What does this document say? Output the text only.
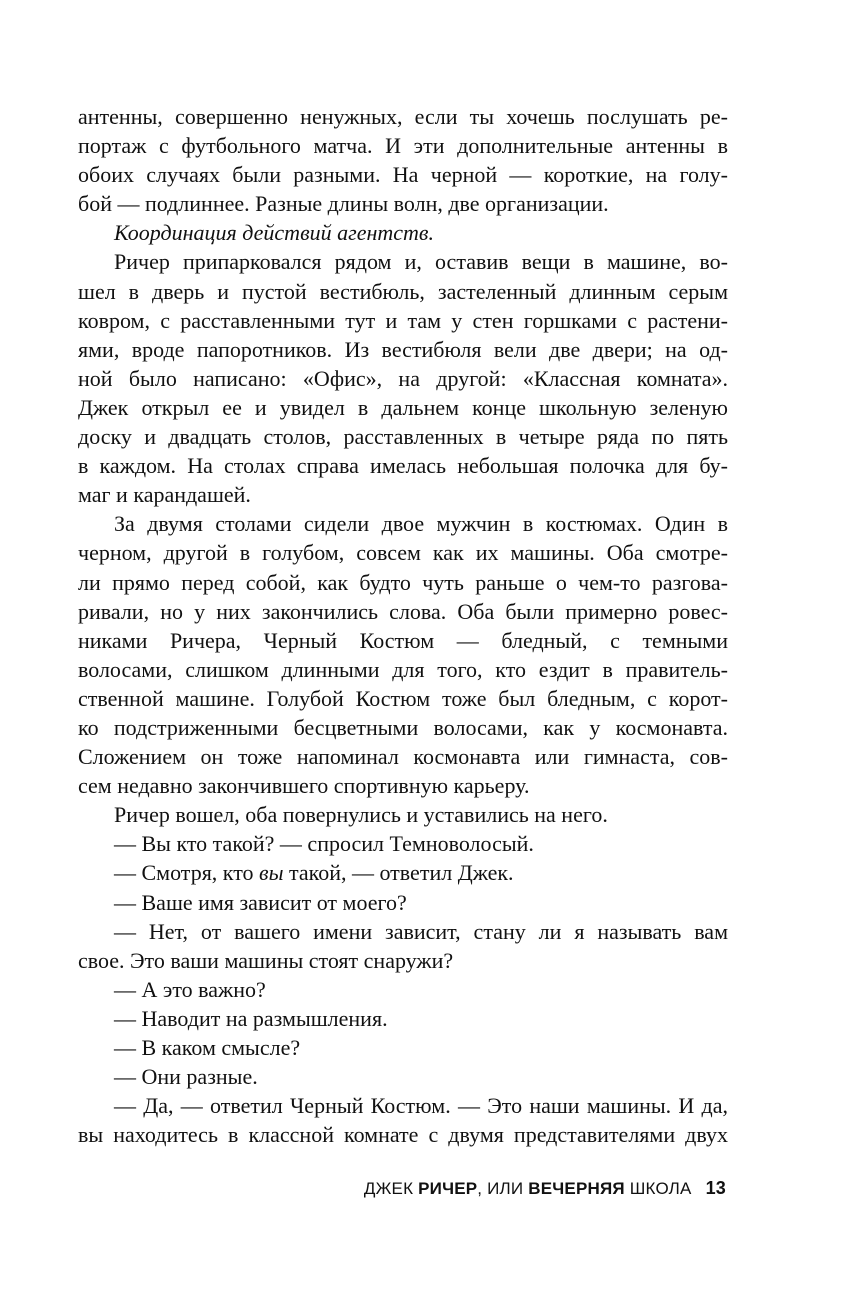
антенны, совершенно ненужных, если ты хочешь послушать ре-
портаж с футбольного матча. И эти дополнительные антенны в
обоих случаях были разными. На черной — короткие, на голу-
бой — подлиннее. Разные длины волн, две организации.
Координация действий агентств.
Ричер припарковался рядом и, оставив вещи в машине, во-
шел в дверь и пустой вестибюль, застеленный длинным серым
ковром, с расставленными тут и там у стен горшками с растени-
ями, вроде папоротников. Из вестибюля вели две двери; на од-
ной было написано: «Офис», на другой: «Классная комната».
Джек открыл ее и увидел в дальнем конце школьную зеленую
доску и двадцать столов, расставленных в четыре ряда по пять
в каждом. На столах справа имелась небольшая полочка для бу-
маг и карандашей.
За двумя столами сидели двое мужчин в костюмах. Один в
черном, другой в голубом, совсем как их машины. Оба смотре-
ли прямо перед собой, как будто чуть раньше о чем-то разгова-
ривали, но у них закончились слова. Оба были примерно ровес-
никами Ричера, Черный Костюм — бледный, с темными
волосами, слишком длинными для того, кто ездит в правитель-
ственной машине. Голубой Костюм тоже был бледным, с корот-
ко подстриженными бесцветными волосами, как у космонавта.
Сложением он тоже напоминал космонавта или гимнаста, сов-
сем недавно закончившего спортивную карьеру.
Ричер вошел, оба повернулись и уставились на него.
— Вы кто такой? — спросил Темноволосый.
— Смотря, кто вы такой, — ответил Джек.
— Ваше имя зависит от моего?
— Нет, от вашего имени зависит, стану ли я называть вам
свое. Это ваши машины стоят снаружи?
— А это важно?
— Наводит на размышления.
— В каком смысле?
— Они разные.
— Да, — ответил Черный Костюм. — Это наши машины. И да,
вы находитесь в классной комнате с двумя представителями двух
ДЖЕК РИЧЕР, ИЛИ ВЕЧЕРНЯЯ ШКОЛА 13
